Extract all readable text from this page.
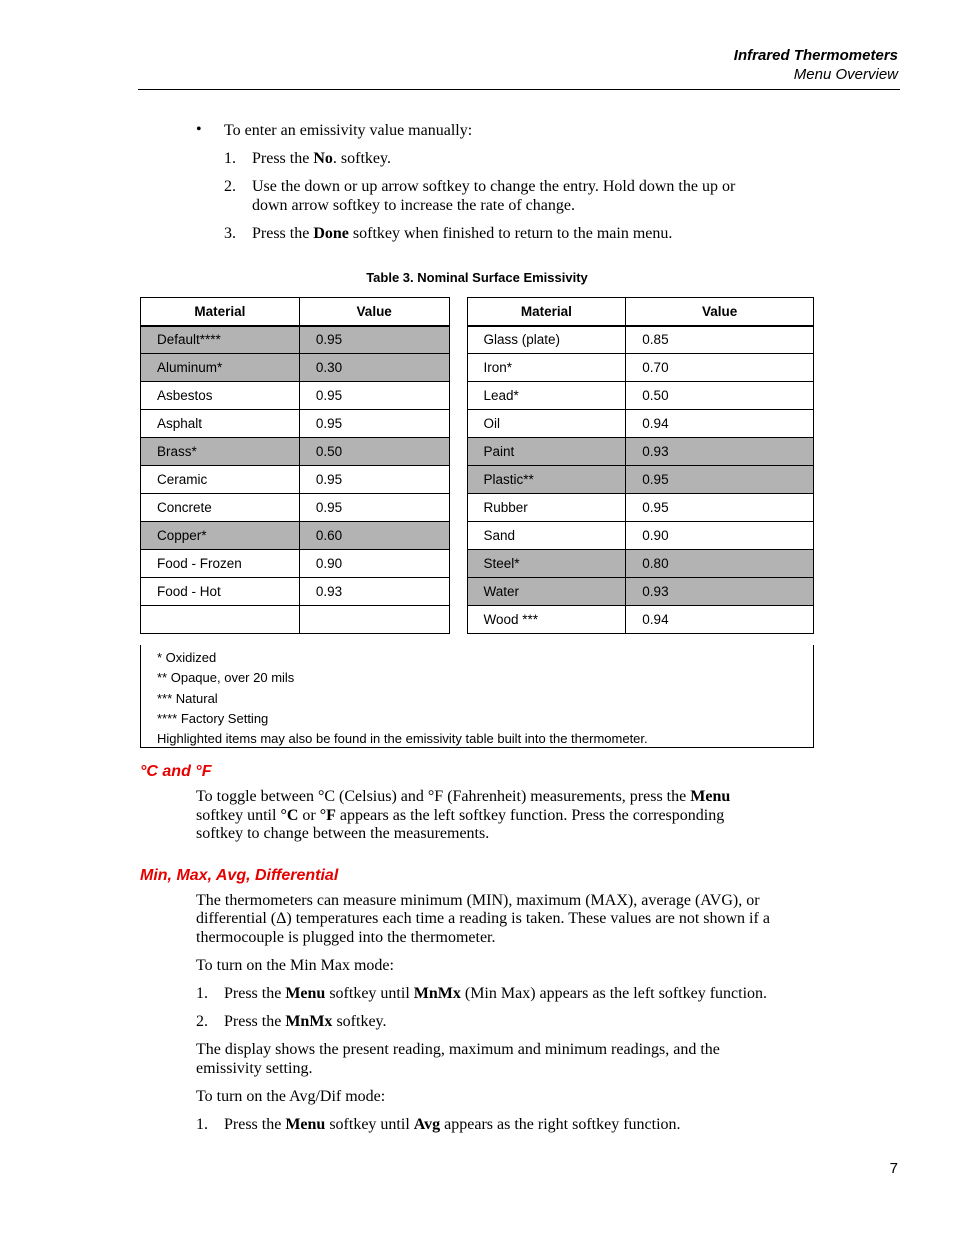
Infrared Thermometers
Menu Overview
• To enter an emissivity value manually:
1. Press the No. softkey.
2. Use the down or up arrow softkey to change the entry. Hold down the up or
down arrow softkey to increase the rate of change.
3. Press the Done softkey when finished to return to the main menu.
Table 3. Nominal Surface Emissivity
Material	Value		Material	Value
Default****	0.95		Glass (plate)	0.85
Aluminum*	0.30		Iron*	0.70
Asbestos	0.95		Lead*	0.50
Asphalt	0.95		Oil	0.94
Brass*	0.50		Paint	0.93
Ceramic	0.95		Plastic**	0.95
Concrete	0.95		Rubber	0.95
Copper*	0.60		Sand	0.90
Food - Frozen	0.90		Steel*	0.80
Food - Hot	0.93		Water	0.93
			Wood ***	0.94
* Oxidized
** Opaque, over 20 mils
*** Natural
**** Factory Setting
Highlighted items may also be found in the emissivity table built into the thermometer.
°C and °F
To toggle between °C (Celsius) and °F (Fahrenheit) measurements, press the Menu
softkey until °C or °F appears as the left softkey function. Press the corresponding
softkey to change between the measurements.
Min, Max, Avg, Differential
The thermometers can measure minimum (MIN), maximum (MAX), average (AVG), or
differential (Δ) temperatures each time a reading is taken. These values are not shown if a
thermocouple is plugged into the thermometer.
To turn on the Min Max mode:
1. Press the Menu softkey until MnMx (Min Max) appears as the left softkey function.
2. Press the MnMx softkey.
The display shows the present reading, maximum and minimum readings, and the
emissivity setting.
To turn on the Avg/Dif mode:
1. Press the Menu softkey until Avg appears as the right softkey function.
7
